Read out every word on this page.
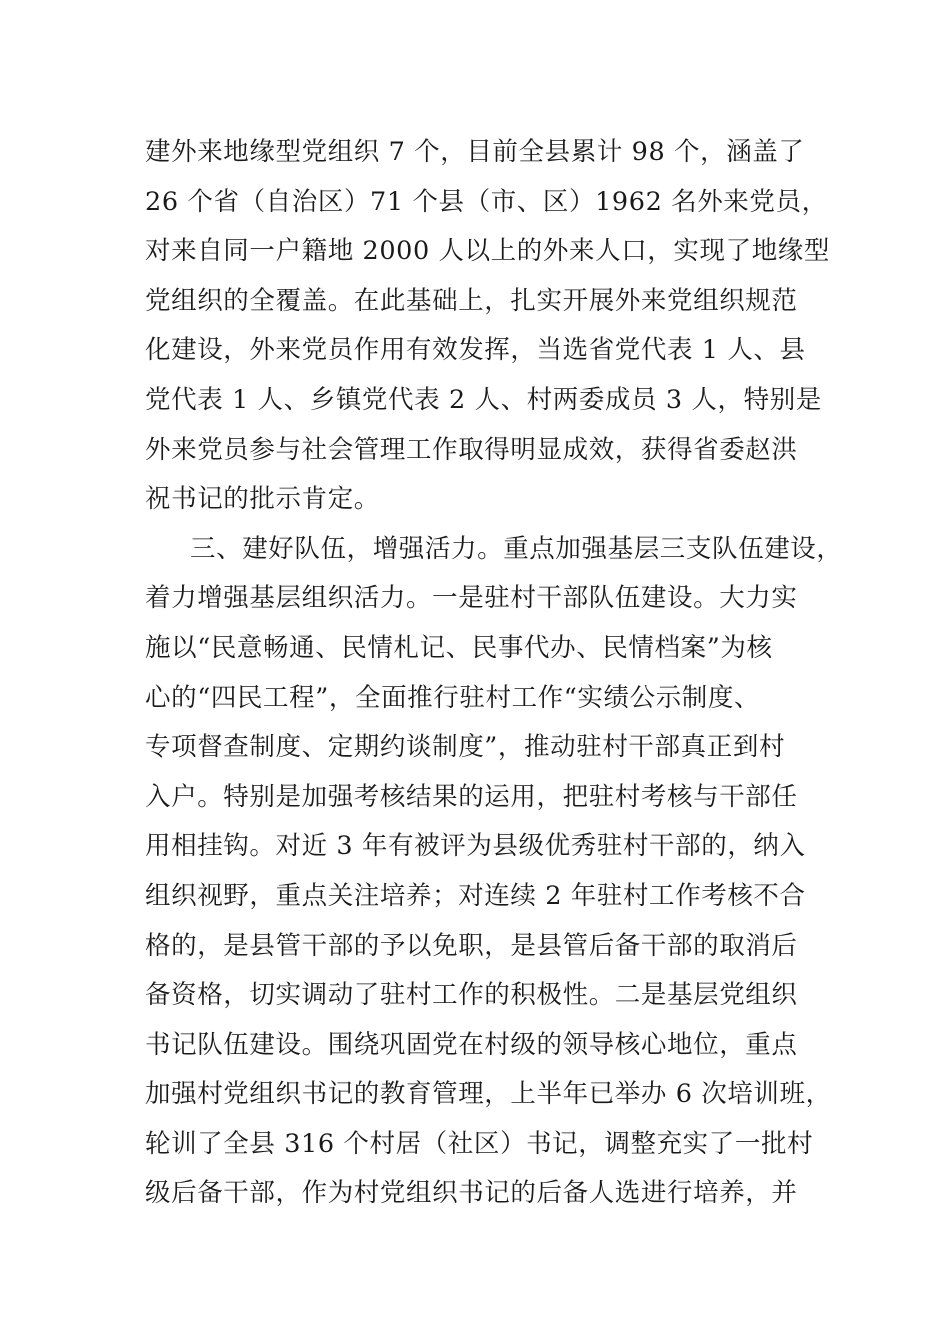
建外来地缘型党组织 7 个，目前全县累计 98 个，涵盖了
26 个省（自治区）71 个县（市、区）1962 名外来党员，
对来自同一户籍地 2000 人以上的外来人口，实现了地缘型
党组织的全覆盖。在此基础上，扎实开展外来党组织规范
化建设，外来党员作用有效发挥，当选省党代表 1 人、县
党代表 1 人、乡镇党代表 2 人、村两委成员 3 人，特别是
外来党员参与社会管理工作取得明显成效，获得省委赵洪
祝书记的批示肯定。
三、建好队伍，增强活力。重点加强基层三支队伍建设，
着力增强基层组织活力。一是驻村干部队伍建设。大力实
施以“民意畅通、民情札记、民事代办、民情档案”为核
心的“四民工程”，全面推行驻村工作“实绩公示制度、
专项督查制度、定期约谈制度”，推动驻村干部真正到村
入户。特别是加强考核结果的运用，把驻村考核与干部任
用相挂钩。对近 3 年有被评为县级优秀驻村干部的，纳入
组织视野，重点关注培养；对连续 2 年驻村工作考核不合
格的，是县管干部的予以免职，是县管后备干部的取消后
备资格，切实调动了驻村工作的积极性。二是基层党组织
书记队伍建设。围绕巩固党在村级的领导核心地位，重点
加强村党组织书记的教育管理，上半年已举办 6 次培训班，
轮训了全县 316 个村居（社区）书记，调整充实了一批村
级后备干部，作为村党组织书记的后备人选进行培养，并
